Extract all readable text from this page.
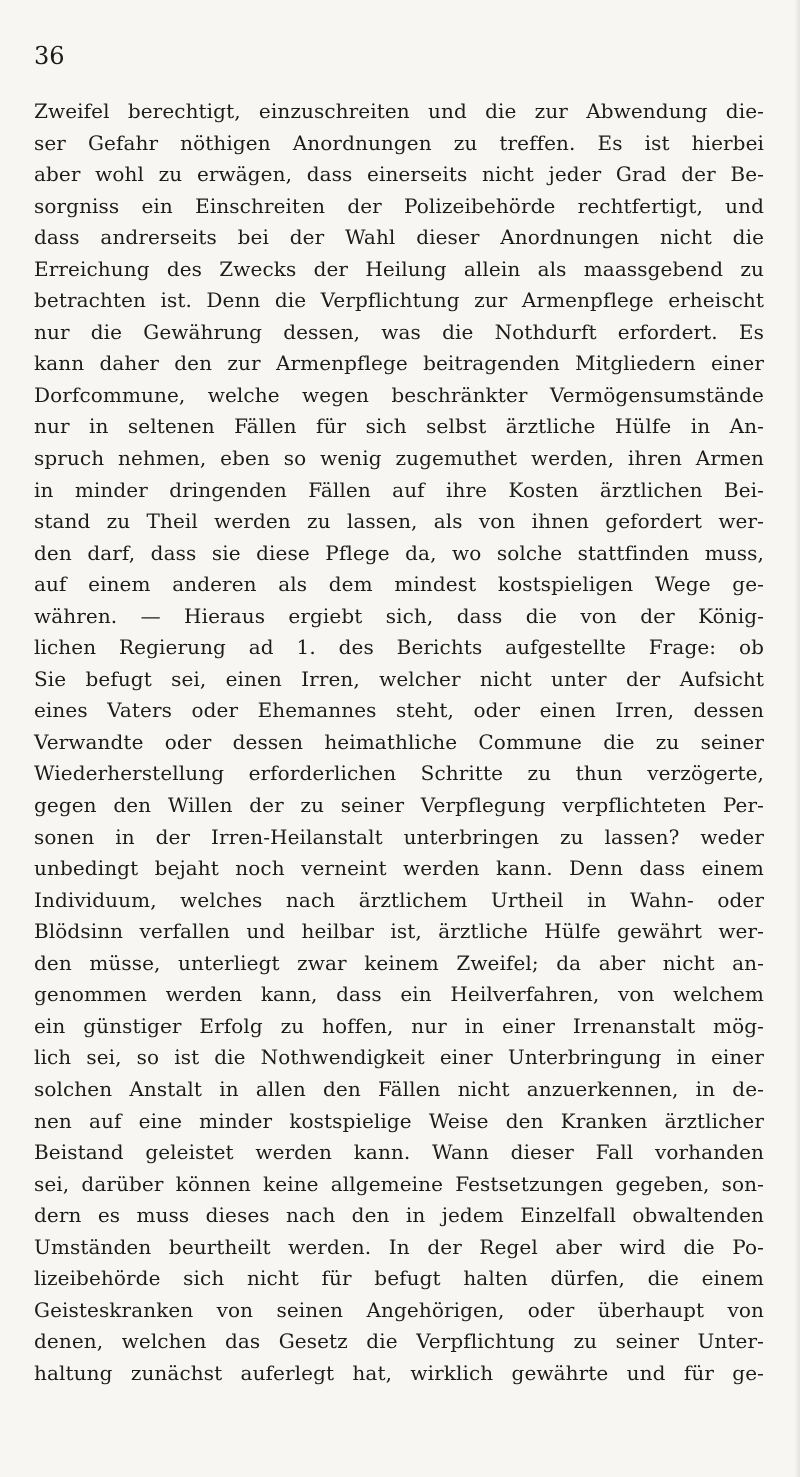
36
Zweifel berechtigt, einzuschreiten und die zur Abwendung die-
ser Gefahr nöthigen Anordnungen zu treffen. Es ist hierbei
aber wohl zu erwägen, dass einerseits nicht jeder Grad der Be-
sorgniss ein Einschreiten der Polizeibehörde rechtfertigt, und
dass andrerseits bei der Wahl dieser Anordnungen nicht die
Erreichung des Zwecks der Heilung allein als maassgebend zu
betrachten ist. Denn die Verpflichtung zur Armenpflege erheischt
nur die Gewährung dessen, was die Nothdurft erfordert. Es
kann daher den zur Armenpflege beitragenden Mitgliedern einer
Dorfcommune, welche wegen beschränkter Vermögensumstände
nur in seltenen Fällen für sich selbst ärztliche Hülfe in An-
spruch nehmen, eben so wenig zugemuthet werden, ihren Armen
in minder dringenden Fällen auf ihre Kosten ärztlichen Bei-
stand zu Theil werden zu lassen, als von ihnen gefordert wer-
den darf, dass sie diese Pflege da, wo solche stattfinden muss,
auf einem anderen als dem mindest kostspieligen Wege ge-
währen. — Hieraus ergiebt sich, dass die von der König-
lichen Regierung ad 1. des Berichts aufgestellte Frage: ob
Sie befugt sei, einen Irren, welcher nicht unter der Aufsicht
eines Vaters oder Ehemannes steht, oder einen Irren, dessen
Verwandte oder dessen heimathliche Commune die zu seiner
Wiederherstellung erforderlichen Schritte zu thun verzögerte,
gegen den Willen der zu seiner Verpflegung verpflichteten Per-
sonen in der Irren-Heilanstalt unterbringen zu lassen? weder
unbedingt bejaht noch verneint werden kann. Denn dass einem
Individuum, welches nach ärztlichem Urtheil in Wahn- oder
Blödsinn verfallen und heilbar ist, ärztliche Hülfe gewährt wer-
den müsse, unterliegt zwar keinem Zweifel; da aber nicht an-
genommen werden kann, dass ein Heilverfahren, von welchem
ein günstiger Erfolg zu hoffen, nur in einer Irrenanstalt mög-
lich sei, so ist die Nothwendigkeit einer Unterbringung in einer
solchen Anstalt in allen den Fällen nicht anzuerkennen, in de-
nen auf eine minder kostspielige Weise den Kranken ärztlicher
Beistand geleistet werden kann. Wann dieser Fall vorhanden
sei, darüber können keine allgemeine Festsetzungen gegeben, son-
dern es muss dieses nach den in jedem Einzelfall obwaltenden
Umständen beurtheilt werden. In der Regel aber wird die Po-
lizeibehörde sich nicht für befugt halten dürfen, die einem
Geisteskranken von seinen Angehörigen, oder überhaupt von
denen, welchen das Gesetz die Verpflichtung zu seiner Unter-
haltung zunächst auferlegt hat, wirklich gewährte und für ge-
